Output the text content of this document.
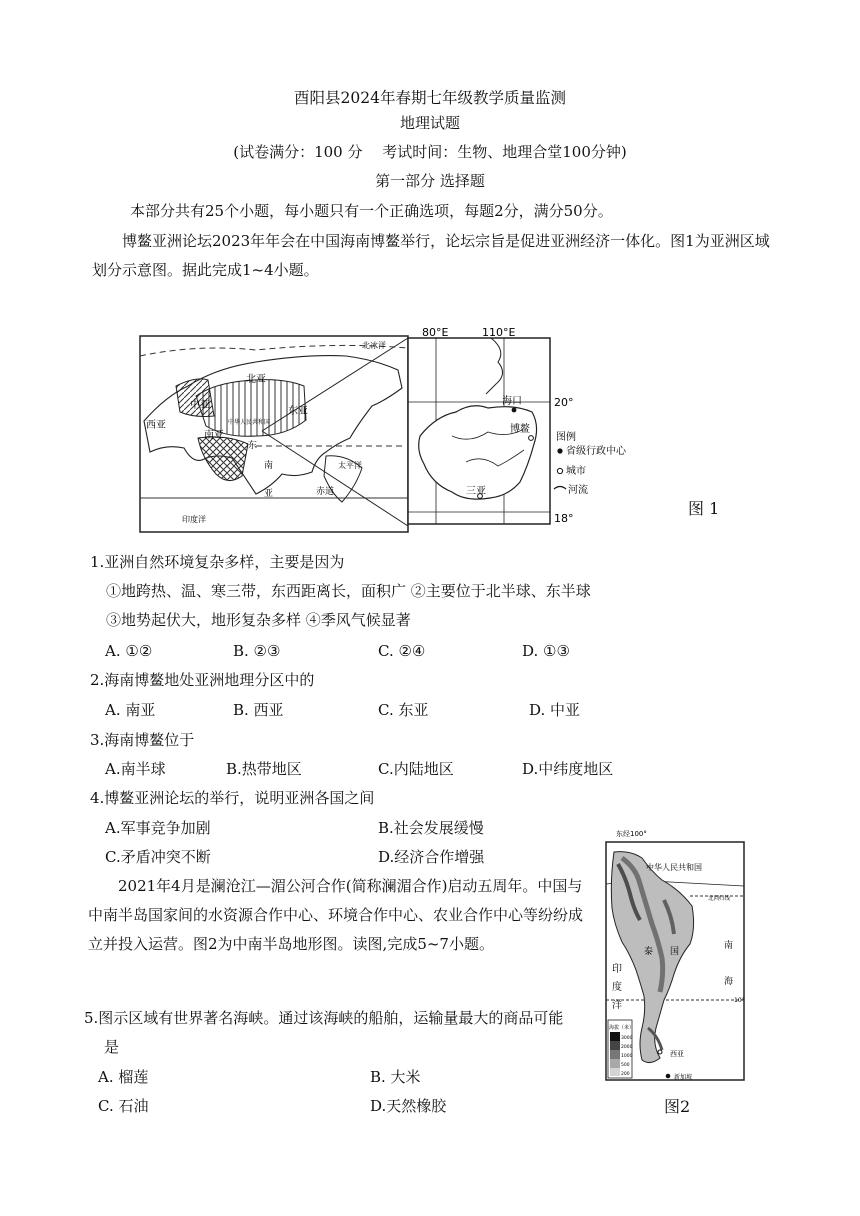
酉阳县2024年春期七年级教学质量监测
地理试题
(试卷满分：100 分　 考试时间：生物、地理合堂100分钟)
第一部分 选择题
本部分共有25个小题，每小题只有一个正确选项，每题2分，满分50分。
博鳌亚洲论坛2023年年会在中国海南博鳌举行，论坛宗旨是促进亚洲经济一体化。图1为亚洲区域划分示意图。据此完成1~4小题。
北冰洋
北亚
中亚
东亚
中华人民共和国
西亚
南亚
东
南
亚
太平洋
赤道
印度洋
80°E	110°E
20°
18°
海口
博鳌
三亚
图例
省级行政中心
城市
河流
图 1
1.亚洲自然环境复杂多样，主要是因为
①地跨热、温、寒三带，东西距离长，面积广 ②主要位于北半球、东半球
③地势起伏大，地形复杂多样 ④季风气候显著
A. ①②	B. ②③	C. ②④	D. ①③
2.海南博鳌地处亚洲地理分区中的
A. 南亚	B. 西亚	C. 东亚	D. 中亚
3.海南博鳌位于
A.南半球	B.热带地区	C.内陆地区	D.中纬度地区
4.博鳌亚洲论坛的举行，说明亚洲各国之间
A.军事竞争加剧	B.社会发展缓慢
C.矛盾冲突不断	D.经济合作增强
2021年4月是澜沧江—湄公河合作(简称澜湄合作)启动五周年。中国与中南半岛国家间的水资源合作中心、环境合作中心、农业合作中心等纷纷成立并投入运营。图2为中南半岛地形图。读图,完成5~7小题。
东经100°
中华人民共和国
北回归线
南
海
印
度
洋
泰 国
10°
西亚
新加坡
海拔（米）
3000
2000
1000
500
200
图2
5.图示区域有世界著名海峡。通过该海峡的船舶，运输量最大的商品可能
是
A. 榴莲	B. 大米
C. 石油	D.天然橡胶
